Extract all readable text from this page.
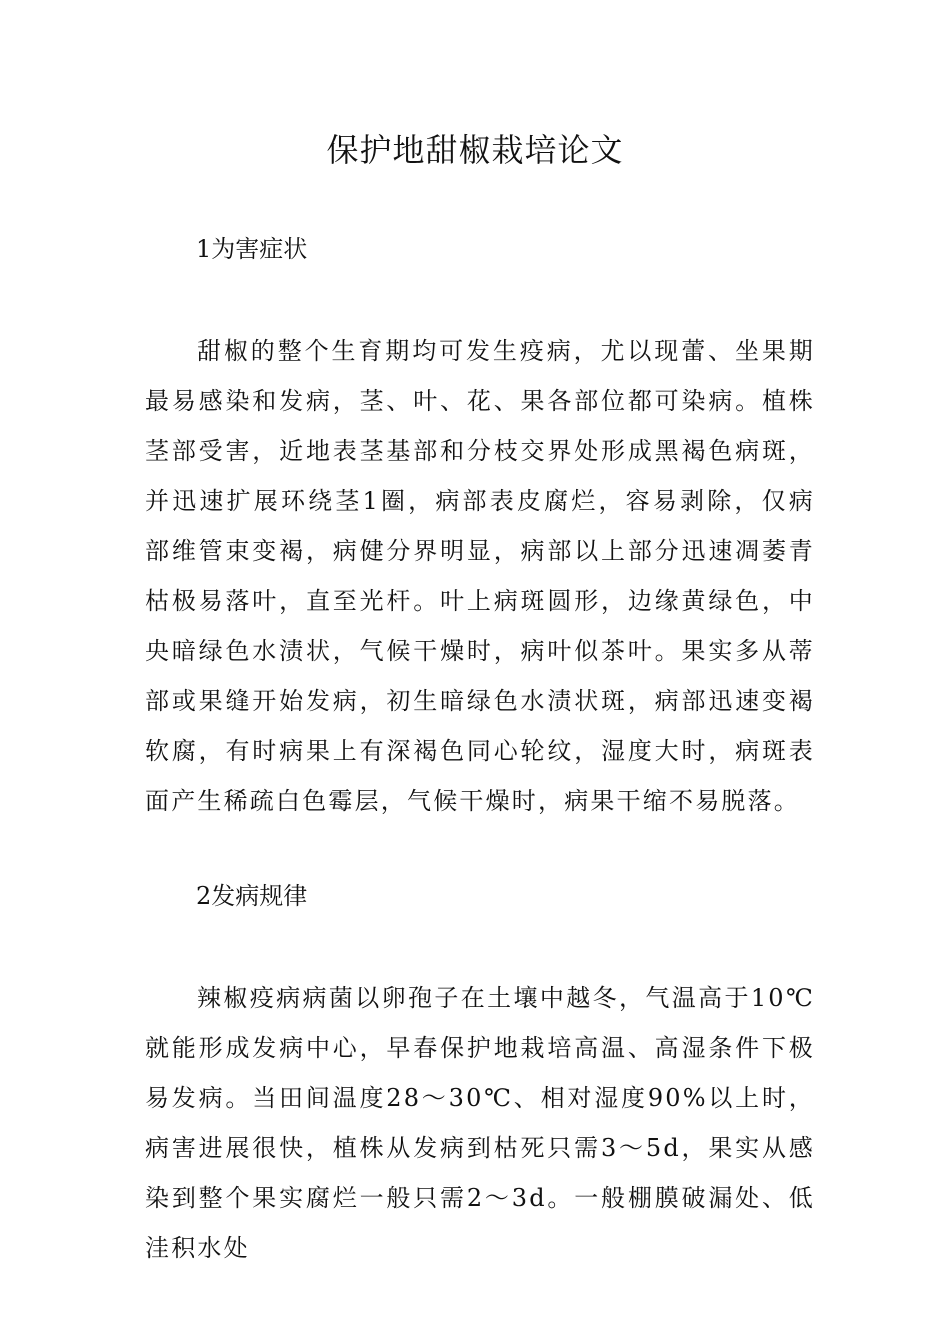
保护地甜椒栽培论文
1为害症状

甜椒的整个生育期均可发生疫病，尤以现蕾、坐果期最易感染和发病，茎、叶、花、果各部位都可染病。植株茎部受害，近地表茎基部和分枝交界处形成黑褐色病斑，并迅速扩展环绕茎1圈，病部表皮腐烂，容易剥除，仅病部维管束变褐，病健分界明显，病部以上部分迅速凋萎青枯极易落叶，直至光杆。叶上病斑圆形，边缘黄绿色，中央暗绿色水渍状，气候干燥时，病叶似茶叶。果实多从蒂部或果缝开始发病，初生暗绿色水渍状斑，病部迅速变褐软腐，有时病果上有深褐色同心轮纹，湿度大时，病斑表面产生稀疏白色霉层，气候干燥时，病果干缩不易脱落。

2发病规律

辣椒疫病病菌以卵孢子在土壤中越冬，气温高于10℃就能形成发病中心，早春保护地栽培高温、高湿条件下极易发病。当田间温度28～30℃、相对湿度90%以上时，病害进展很快，植株从发病到枯死只需3～5d，果实从感染到整个果实腐烂一般只需2～3d。一般棚膜破漏处、低洼积水处
